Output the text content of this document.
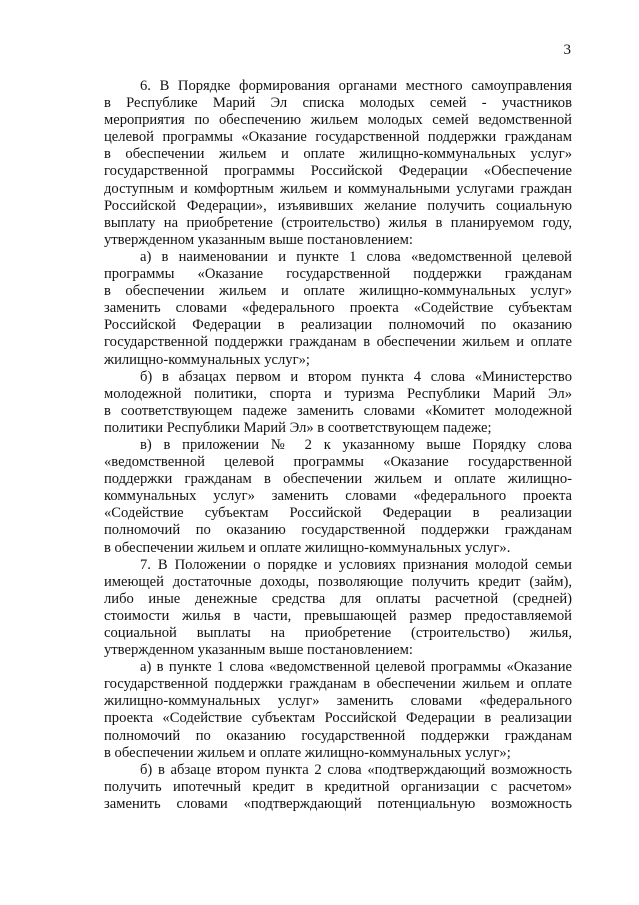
3
6. В Порядке формирования органами местного самоуправления
в Республике Марий Эл списка молодых семей - участников
мероприятия по обеспечению жильем молодых семей ведомственной
целевой программы «Оказание государственной поддержки гражданам
в обеспечении жильем и оплате жилищно-коммунальных услуг»
государственной программы Российской Федерации «Обеспечение
доступным и комфортным жильем и коммунальными услугами граждан
Российской Федерации», изъявивших желание получить социальную
выплату на приобретение (строительство) жилья в планируемом году,
утвержденном указанным выше постановлением:
а) в наименовании и пункте 1 слова «ведомственной целевой
программы «Оказание государственной поддержки гражданам
в обеспечении жильем и оплате жилищно-коммунальных услуг»
заменить словами «федерального проекта «Содействие субъектам
Российской Федерации в реализации полномочий по оказанию
государственной поддержки гражданам в обеспечении жильем и оплате
жилищно-коммунальных услуг»;
б) в абзацах первом и втором пункта 4 слова «Министерство
молодежной политики, спорта и туризма Республики Марий Эл»
в соответствующем падеже заменить словами «Комитет молодежной
политики Республики Марий Эл» в соответствующем падеже;
в) в приложении № 2 к указанному выше Порядку слова
«ведомственной целевой программы «Оказание государственной
поддержки гражданам в обеспечении жильем и оплате жилищно-
коммунальных услуг» заменить словами «федерального проекта
«Содействие субъектам Российской Федерации в реализации
полномочий по оказанию государственной поддержки гражданам
в обеспечении жильем и оплате жилищно-коммунальных услуг».
7. В Положении о порядке и условиях признания молодой семьи
имеющей достаточные доходы, позволяющие получить кредит (займ),
либо иные денежные средства для оплаты расчетной (средней)
стоимости жилья в части, превышающей размер предоставляемой
социальной выплаты на приобретение (строительство) жилья,
утвержденном указанным выше постановлением:
а) в пункте 1 слова «ведомственной целевой программы «Оказание
государственной поддержки гражданам в обеспечении жильем и оплате
жилищно-коммунальных услуг» заменить словами «федерального
проекта «Содействие субъектам Российской Федерации в реализации
полномочий по оказанию государственной поддержки гражданам
в обеспечении жильем и оплате жилищно-коммунальных услуг»;
б) в абзаце втором пункта 2 слова «подтверждающий возможность
получить ипотечный кредит в кредитной организации с расчетом»
заменить словами «подтверждающий потенциальную возможность
